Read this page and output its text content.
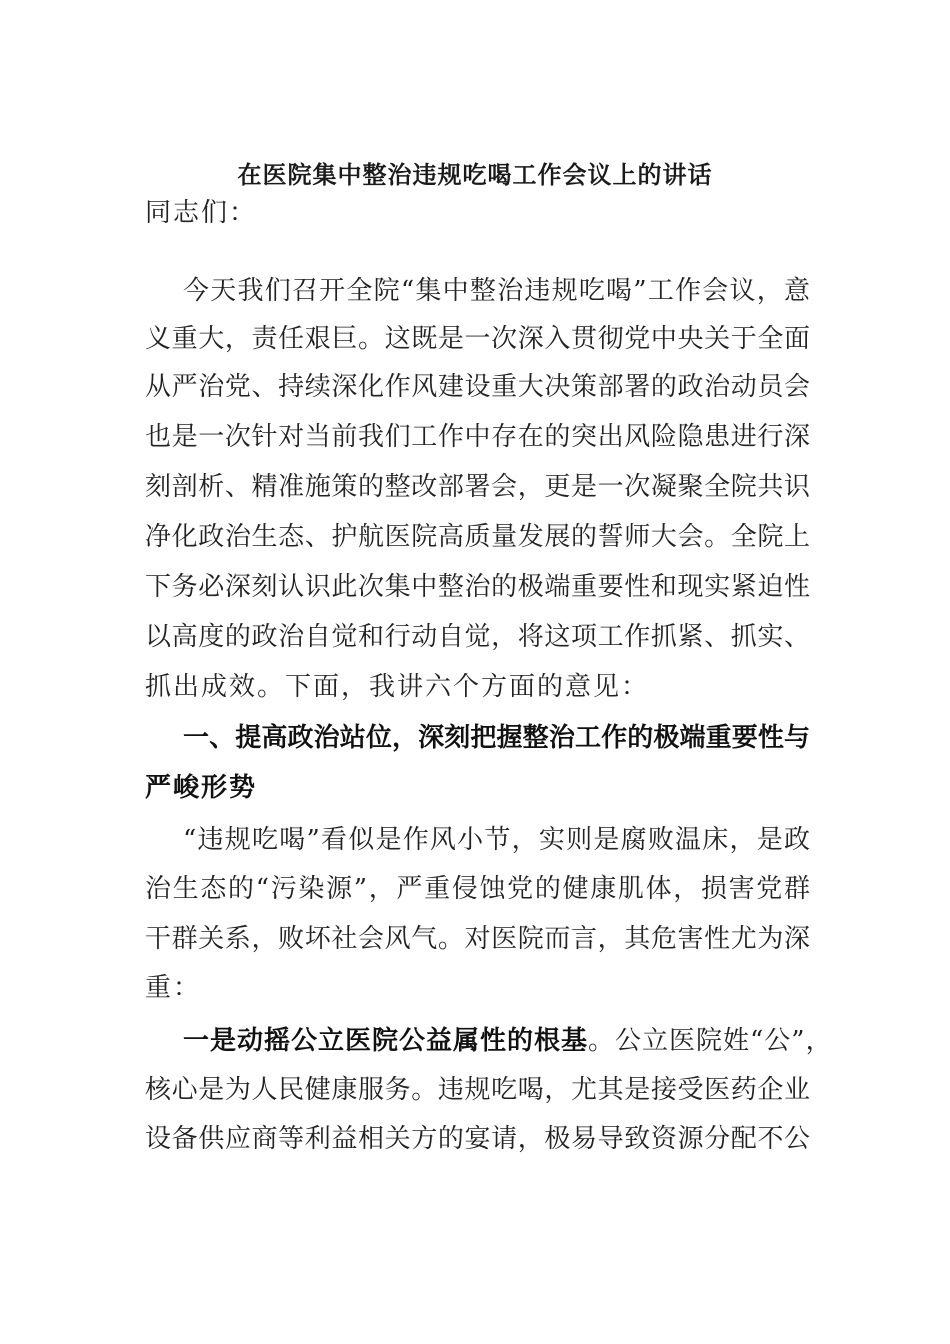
在医院集中整治违规吃喝工作会议上的讲话
同志们：
今天我们召开全院“集中整治违规吃喝”工作会议，意
义重大，责任艰巨。这既是一次深入贯彻党中央关于全面
从严治党、持续深化作风建设重大决策部署的政治动员会
也是一次针对当前我们工作中存在的突出风险隐患进行深
刻剖析、精准施策的整改部署会，更是一次凝聚全院共识
净化政治生态、护航医院高质量发展的誓师大会。全院上
下务必深刻认识此次集中整治的极端重要性和现实紧迫性
以高度的政治自觉和行动自觉，将这项工作抓紧、抓实、
抓出成效。下面，我讲六个方面的意见：
一、提高政治站位，深刻把握整治工作的极端重要性与
严峻形势
“违规吃喝”看似是作风小节，实则是腐败温床，是政
治生态的“污染源”，严重侵蚀党的健康肌体，损害党群
干群关系，败坏社会风气。对医院而言，其危害性尤为深
重：
一是动摇公立医院公益属性的根基。公立医院姓“公”，
核心是为人民健康服务。违规吃喝，尤其是接受医药企业
设备供应商等利益相关方的宴请，极易导致资源分配不公
